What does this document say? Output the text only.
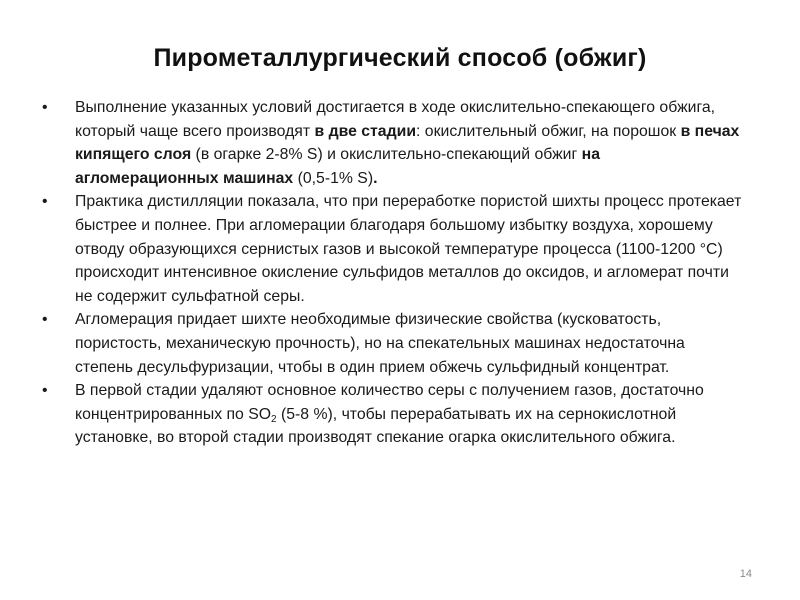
Пирометаллургический способ (обжиг)
•	Выполнение указанных условий достигается в ходе окислительно-спекающего обжига, который чаще всего производят в две стадии: окислительный обжиг, на порошок в печах кипящего слоя (в огарке 2-8% S) и окислительно-спекающий обжиг на агломерационных машинах (0,5-1% S).
•	Практика дистилляции показала, что при переработке пористой шихты процесс протекает быстрее и полнее. При агломерации благодаря большому избытку воздуха, хорошему отводу образующихся сернистых газов и высокой температуре процесса (1100-1200 °С) происходит интенсивное окисление сульфидов металлов до оксидов, и агломерат почти не содержит сульфатной серы.
•	Агломерация придает шихте необходимые физические свойства (кусковатость, пористость, механическую прочность), но на спекательных машинах недостаточна степень десульфуризации, чтобы в один прием обжечь сульфидный концентрат.
•	В первой стадии удаляют основное количество серы с получением газов, достаточно концентрированных по $SO_2$ (5-8 %), чтобы перерабатывать их на сернокислотной установке, во второй стадии производят спекание огарка окислительного обжига.
14
